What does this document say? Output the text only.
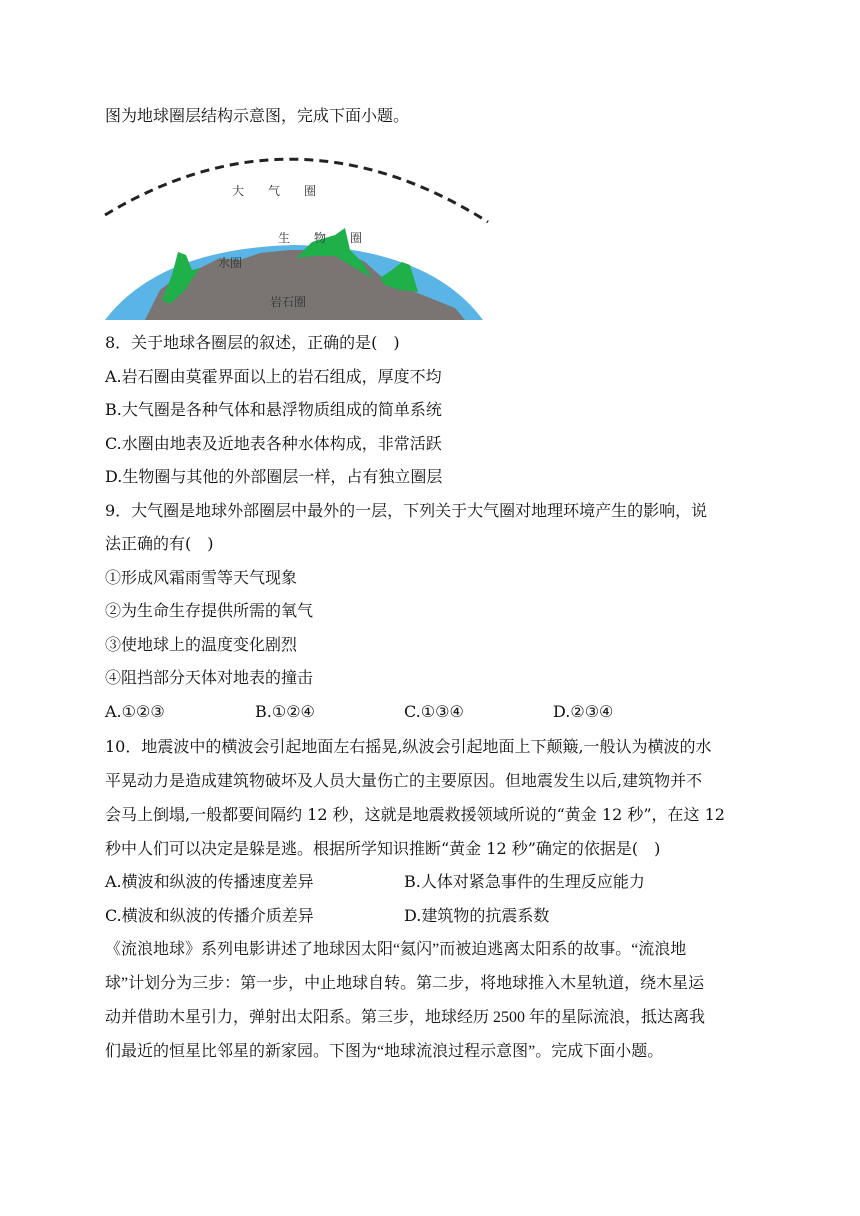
图为地球圈层结构示意图，完成下面小题。
大　　气　　圈
生　　物　　圈
水圈
岩石圈
8．关于地球各圈层的叙述，正确的是(　)
A.岩石圈由莫霍界面以上的岩石组成，厚度不均
B.大气圈是各种气体和悬浮物质组成的简单系统
C.水圈由地表及近地表各种水体构成，非常活跃
D.生物圈与其他的外部圈层一样，占有独立圈层
9．大气圈是地球外部圈层中最外的一层，下列关于大气圈对地理环境产生的影响，说
法正确的有(　)
①形成风霜雨雪等天气现象
②为生命生存提供所需的氧气
③使地球上的温度变化剧烈
④阻挡部分天体对地表的撞击
A.①②③	B.①②④	C.①③④	D.②③④
10．地震波中的横波会引起地面左右摇晃,纵波会引起地面上下颠簸,一般认为横波的水
平晃动力是造成建筑物破坏及人员大量伤亡的主要原因。但地震发生以后,建筑物并不
会马上倒塌,一般都要间隔约 12 秒，这就是地震救援领域所说的“黄金 12 秒”，在这 12
秒中人们可以决定是躲是逃。根据所学知识推断“黄金 12 秒”确定的依据是(　)
A.横波和纵波的传播速度差异	B.人体对紧急事件的生理反应能力
C.横波和纵波的传播介质差异	D.建筑物的抗震系数
《流浪地球》系列电影讲述了地球因太阳“氦闪”而被迫逃离太阳系的故事。“流浪地
球”计划分为三步：第一步，中止地球自转。第二步，将地球推入木星轨道，绕木星运
动并借助木星引力，弹射出太阳系。第三步，地球经历 2500 年的星际流浪，抵达离我
们最近的恒星比邻星的新家园。下图为“地球流浪过程示意图”。完成下面小题。
